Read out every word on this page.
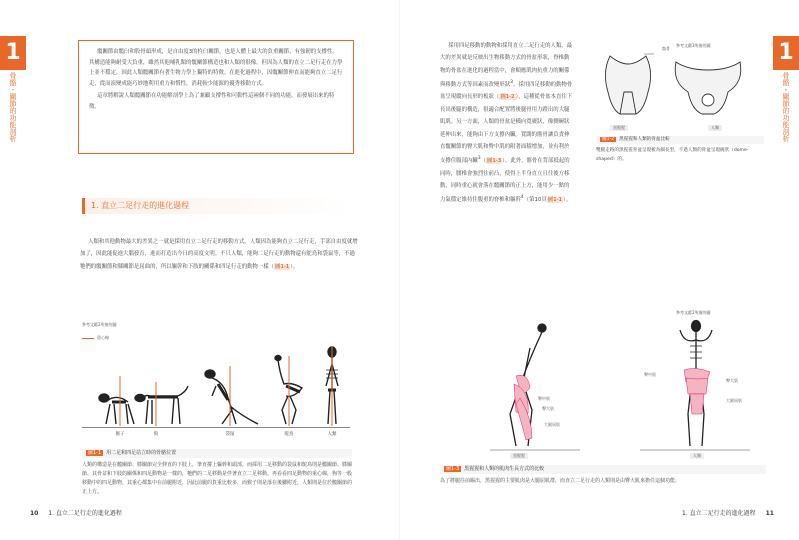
1
骨骼・關節的功能剖析

髖關節由髖臼和股骨頭形成，是自由度3的杵臼關節，也是人體上最大的負重關節，有強韌的支撐性。其構造能夠耐受大負重，雖然其他哺乳類的髖關節構造也和人類的很像，但因為人類的直立二足行走在力學上並不穩定，因此人類髖關節有著生物力學上獨特的特徵。在進化過程中，因髖關節伸直而能夠直立二足行走，從而演變成能巧妙地利用重力和慣性，消耗較少能源的優秀移動方式。

這章將解說人類髖關節在功能解剖學上為了兼顧支撐性和可動性這兩個不同的功能，而發展出來的特徵。

1. 直立二足行走的進化過程

人類和其他動物最大的差異之一就是採用直立二足行走的移動方式。人類因為能夠直立二足行走，手部自由度就增加了，因此能促進大腦發育，進而打造出今日的高度文明。不只人類，能夠二足行走的動物還有鴕鳥和袋鼠等，不過牠們的髖關節和膝關節是屈曲的，所以軀幹和下肢的關係和四足行走的動物一樣（圖1-1）。

參考文獻2所繪的圖
重心線
猴子	狗	袋鼠	鴕鳥	人類
圖1-1 用二足和四足站立時的骨骼位置
人類的構造是在髖關節、膝關節完全伸直的下肢上，筆直撐上軀幹和頭部，而採用二足移動的袋鼠和鴕鳥則是髖關節、膝關節、其骨盆和下肢的關係和四足動物是一樣的，牠們的二足移動是伴著直立二足移動。再看看四足動物的重心線，狗等一般移動中的四足動物，其重心都集中在前腿附近，因此前腿的負重比較多，而猴子則是落在後腳附近，人類則是位於髖關節的正上方。
10 1. 直立二足行走的進化過程
1
骨骼・關節的功能剖析

採用四足移動的動物和採用直立二足行走的人類，最大的差異就是反映出生物移動方式的骨盆形狀，脊椎動物的骨盆在進化的過程當中，會順應肌肉抗重力的關係與移動方式等因素而改變形狀$^3$。採用四足移動的動物骨盆呈現縱向長形的板狀（圖1-2），這種從骨盆本直往下長出後腿的構造，很適合配置將後腿骨用力蹬出的大腿肌肌。另一方面，人類的骨盆是橫向寬廣狀，像側碗狀延伸出來，能夠由下方支撐內臟。寬闊的髂骨讓負責伸直髖關節的臀大肌和臀中肌的附著面積增加，並有利於支撐住腹部內臟$^3$（圖1-3）。此外，髂骨在背部抵起的同時，腰椎會強烈往前凸，使得上半身直立且往後方移動，同時重心就會落在髖關節的正上方，能用少一點的力氣穩定維持住腹重的脊椎和軀幹$^4$（第10頁圖1-1）。

參考文獻3所繪的圖
髂骨
黑猩猩	人類
圖1-2 黑猩猩和人類的骨盆比較
雙腿走路的黑猩猩骨盆呈現板為細長型，不過人類的骨盆呈現碗狀（dome-shaped）的。
參考文獻2所繪的圖
臀中肌
臀大肌
大腿屈肌
臀中肌
臀大肌
大腿屈肌
黑猩猩	人類
圖1-3 黑猩猩和人類的肌肉生長方式的比較
為了將腿往前踢出，黑猩猩的主要肌肉是大腿屈肌群，而直立二足行走的人類則是由臀大肌來擔任這個功能。
1. 直立二足行走的進化過程 11
